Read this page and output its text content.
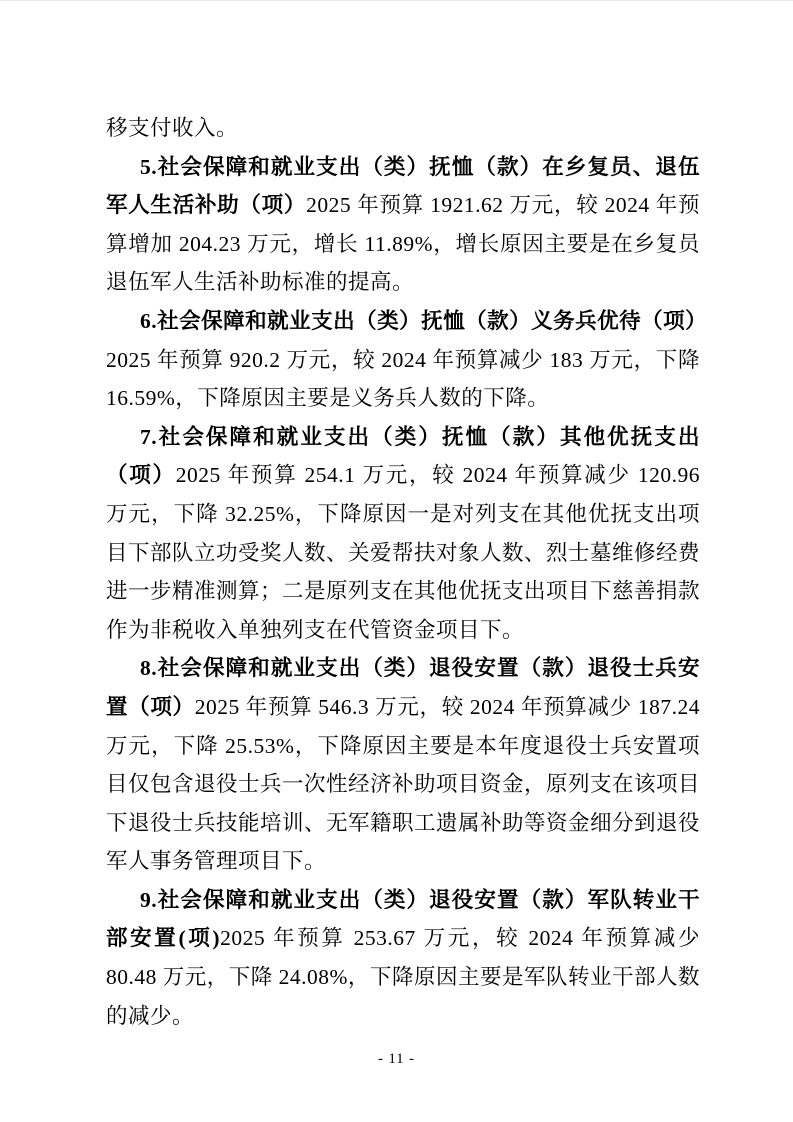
移支付收入。

5.社会保障和就业支出（类）抚恤（款）在乡复员、退伍军人生活补助（项）2025 年预算 1921.62 万元，较 2024 年预算增加 204.23 万元，增长 11.89%，增长原因主要是在乡复员退伍军人生活补助标准的提高。

6.社会保障和就业支出（类）抚恤（款）义务兵优待（项）2025 年预算 920.2 万元，较 2024 年预算减少 183 万元，下降 16.59%，下降原因主要是义务兵人数的下降。

7.社会保障和就业支出（类）抚恤（款）其他优抚支出（项）2025 年预算 254.1 万元，较 2024 年预算减少 120.96 万元，下降 32.25%，下降原因一是对列支在其他优抚支出项目下部队立功受奖人数、关爱帮扶对象人数、烈士墓维修经费进一步精准测算；二是原列支在其他优抚支出项目下慈善捐款作为非税收入单独列支在代管资金项目下。

8.社会保障和就业支出（类）退役安置（款）退役士兵安置（项）2025 年预算 546.3 万元，较 2024 年预算减少 187.24 万元，下降 25.53%，下降原因主要是本年度退役士兵安置项目仅包含退役士兵一次性经济补助项目资金，原列支在该项目下退役士兵技能培训、无军籍职工遗属补助等资金细分到退役军人事务管理项目下。

9.社会保障和就业支出（类）退役安置（款）军队转业干部安置(项)2025 年预算 253.67 万元，较 2024 年预算减少 80.48 万元，下降 24.08%，下降原因主要是军队转业干部人数的减少。

- 11 -
